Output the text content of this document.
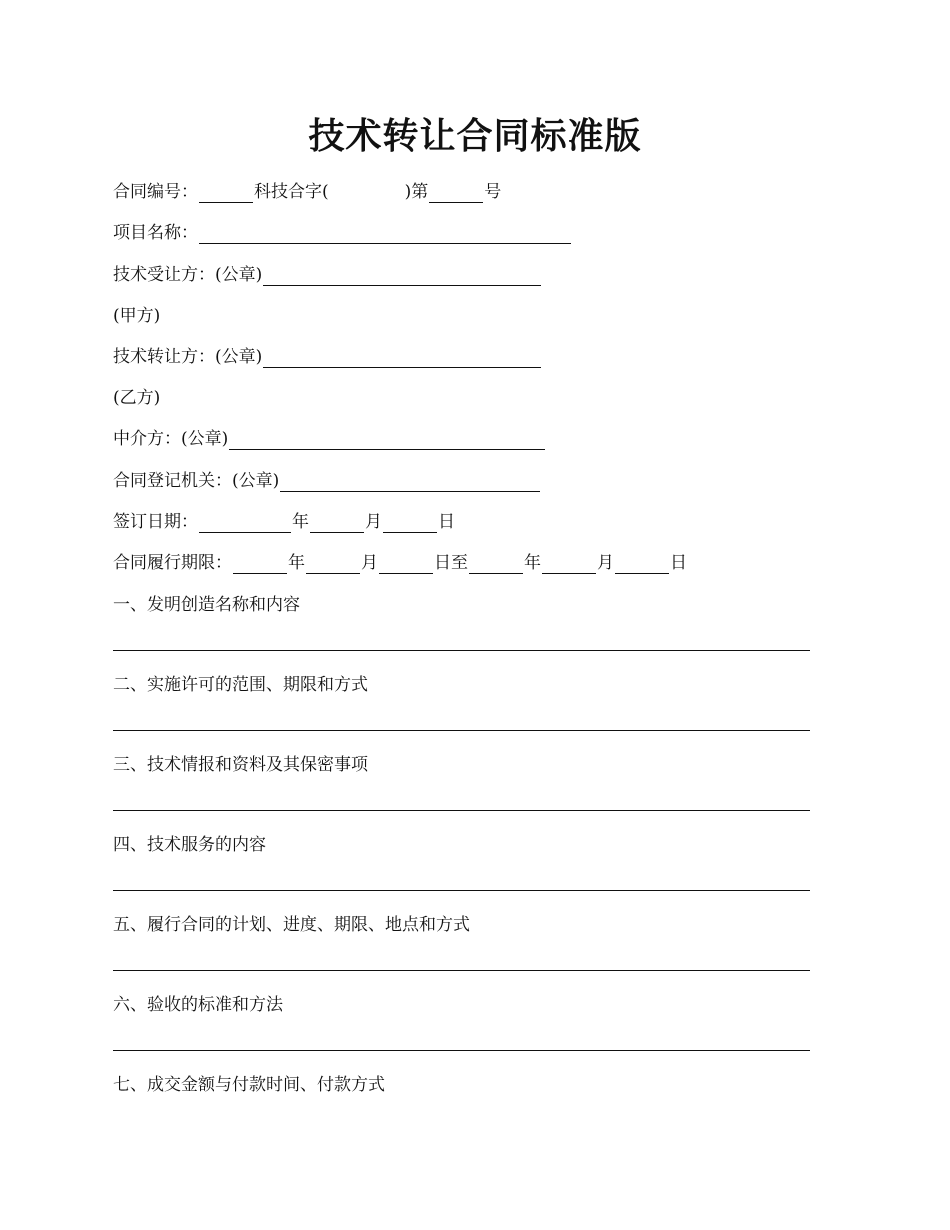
技术转让合同标准版
合同编号：	科技合字(	)第	号
项目名称：
技术受让方：(公章)
(甲方)
技术转让方：(公章)
(乙方)
中介方：(公章)
合同登记机关：(公章)
签订日期：	年	月	日
合同履行期限：	年	月	日至	年	月	日
一、发明创造名称和内容
二、实施许可的范围、期限和方式
三、技术情报和资料及其保密事项
四、技术服务的内容
五、履行合同的计划、进度、期限、地点和方式
六、验收的标准和方法
七、成交金额与付款时间、付款方式
